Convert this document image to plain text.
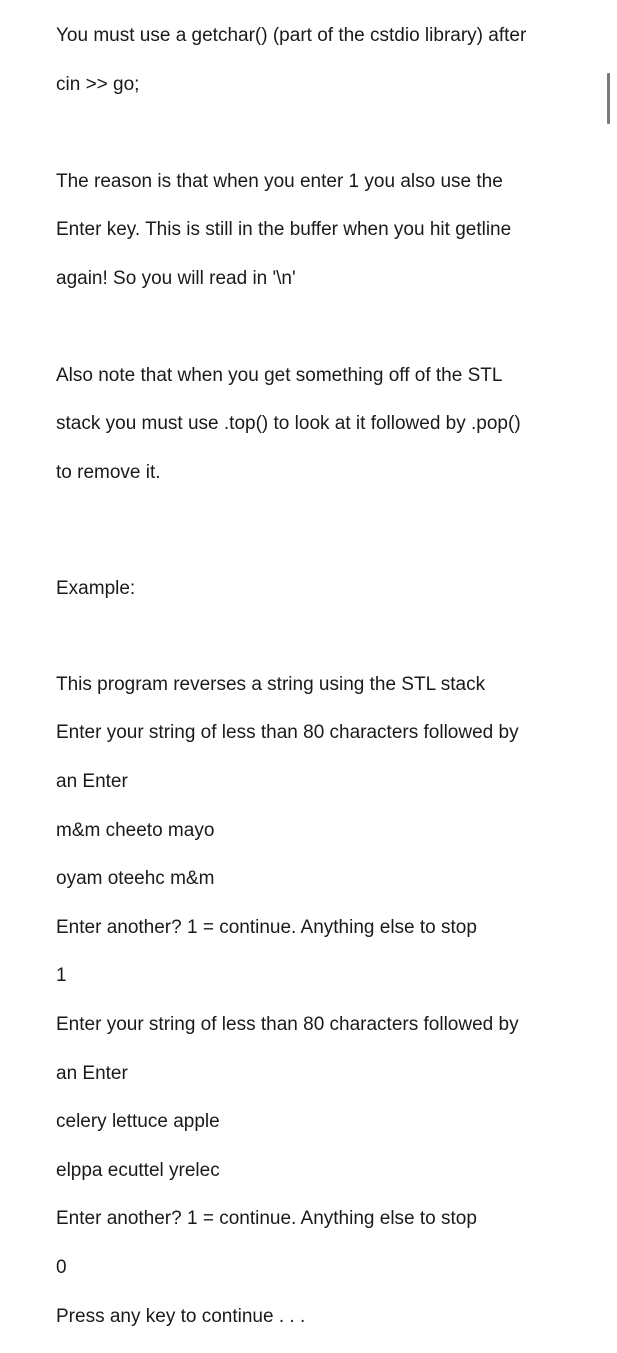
You must use a getchar() (part of the cstdio library) after

cin >> go;

The reason is that when you enter 1 you also use the

Enter key. This is still in the buffer when you hit getline

again! So you will read in '\n'

Also note that when you get something off of the STL

stack you must use .top() to look at it followed by .pop()

to remove it.

Example:

This program reverses a string using the STL stack

Enter your string of less than 80 characters followed by

an Enter

m&m cheeto mayo

oyam oteehc m&m

Enter another? 1 = continue. Anything else to stop

1

Enter your string of less than 80 characters followed by

an Enter

celery lettuce apple

elppa ecuttel yrelec

Enter another? 1 = continue. Anything else to stop

0

Press any key to continue . . .
